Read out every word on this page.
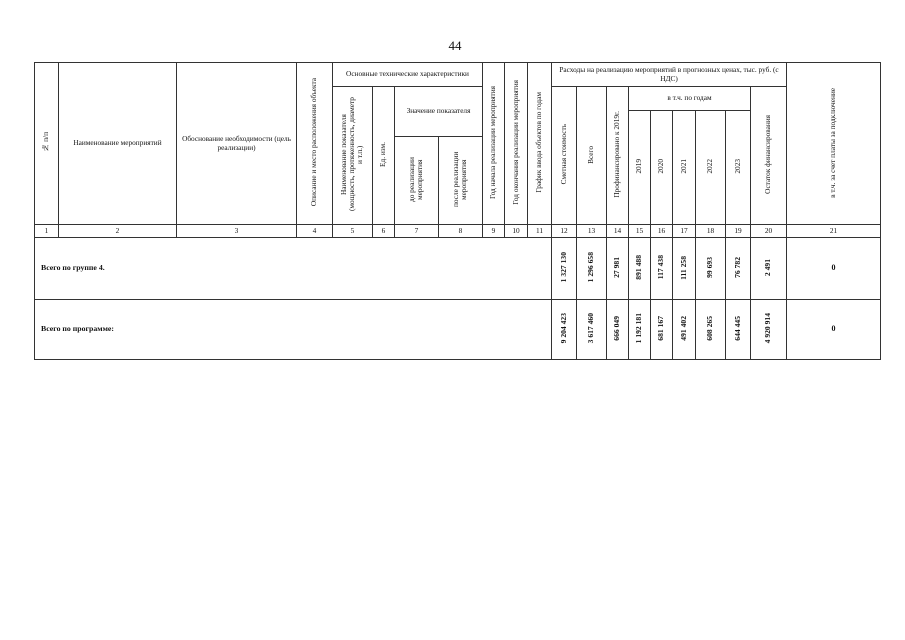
44
№ п/п	Наименование мероприятий	Обоснование необходимости (цель реализации)	Описание и место расположения объекта	Основные технические характеристики				Год начала реализации мероприятия	Год окончания реализации мероприятия	График ввода объектов по годам	Расходы на реализацию мероприятий в прогнозных ценах, тыс. руб. (с НДС)									в т.ч. за счет платы за подключение
				Наименование показателя (мощность, протяженность, диаметр и т.п.)	Ед. изм.	Значение показателя					Сметная стоимость	Всего	Профинансировано к 2019г.	в т.ч. по годам					Остаток финансирования	
														2019	2020	2021	2022	2023		
						до реализации мероприятия	после реализации мероприятия													
1	2	3	4	5	6	7	8	9	10	11	12	13	14	15	16	17	18	19	20	21
Всего по группе 4.											1 327 130	1 296 658	27 981	891 488	117 438	111 258	99 693	76 782	2 491	0
Всего по программе:											9 204 423	3 617 460	666 049	1 192 181	681 167	491 402	608 265	644 445	4 920 914	0
